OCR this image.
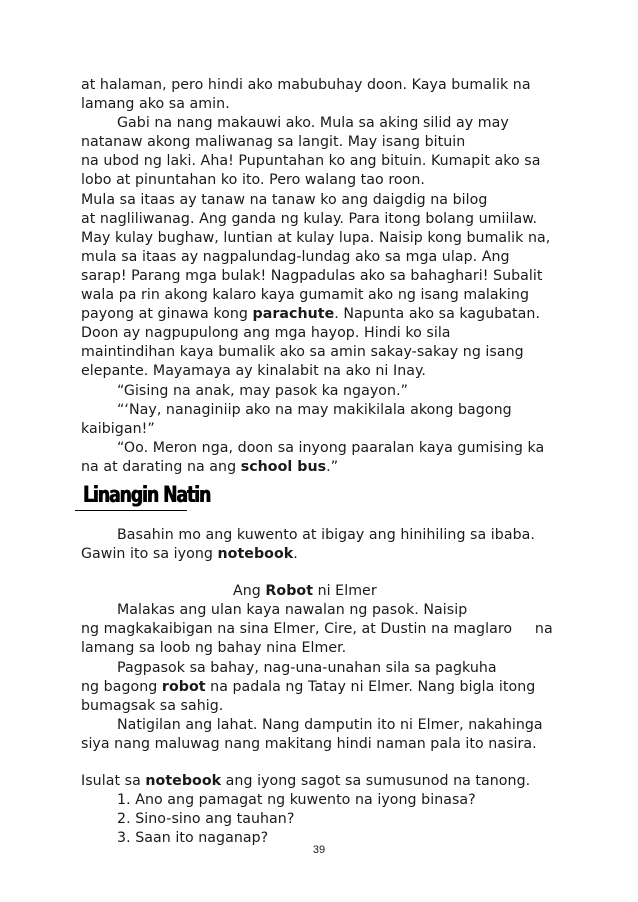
at halaman, pero hindi ako mabubuhay doon. Kaya bumalik na
lamang ako sa amin.
Gabi na nang makauwi ako. Mula sa aking silid ay may
natanaw akong maliwanag sa langit. May isang bituin
na ubod ng laki. Aha! Pupuntahan ko ang bituin. Kumapit ako sa
lobo at pinuntahan ko ito. Pero walang tao roon.
Mula sa itaas ay tanaw na tanaw ko ang daigdig na bilog
at nagliliwanag. Ang ganda ng kulay. Para itong bolang umiilaw.
May kulay bughaw, luntian at kulay lupa. Naisip kong bumalik na,
mula sa itaas ay nagpalundag-lundag ako sa mga ulap. Ang
sarap! Parang mga bulak! Nagpadulas ako sa bahaghari! Subalit
wala pa rin akong kalaro kaya gumamit ako ng isang malaking
payong at ginawa kong parachute. Napunta ako sa kagubatan.
Doon ay nagpupulong ang mga hayop. Hindi ko sila
maintindihan kaya bumalik ako sa amin sakay-sakay ng isang
elepante. Mayamaya ay kinalabit na ako ni Inay.
“Gising na anak, may pasok ka ngayon.”
“‘Nay, nanaginiip ako na may makikilala akong bagong
kaibigan!”
“Oo. Meron nga, doon sa inyong paaralan kaya gumising ka
na at darating na ang school bus.”
Linangin Natin
Basahin mo ang kuwento at ibigay ang hinihiling sa ibaba.
Gawin ito sa iyong notebook.
Ang Robot ni Elmer
Malakas ang ulan kaya nawalan ng pasok. Naisip
ng magkakaibigan na sina Elmer, Cire, at Dustin na maglaro     na
lamang sa loob ng bahay nina Elmer.
Pagpasok sa bahay, nag-una-unahan sila sa pagkuha
ng bagong robot na padala ng Tatay ni Elmer. Nang bigla itong
bumagsak sa sahig.
Natigilan ang lahat. Nang damputin ito ni Elmer, nakahinga
siya nang maluwag nang makitang hindi naman pala ito nasira.
Isulat sa notebook ang iyong sagot sa sumusunod na tanong.
1. Ano ang pamagat ng kuwento na iyong binasa?
2. Sino-sino ang tauhan?
3. Saan ito naganap?
39
